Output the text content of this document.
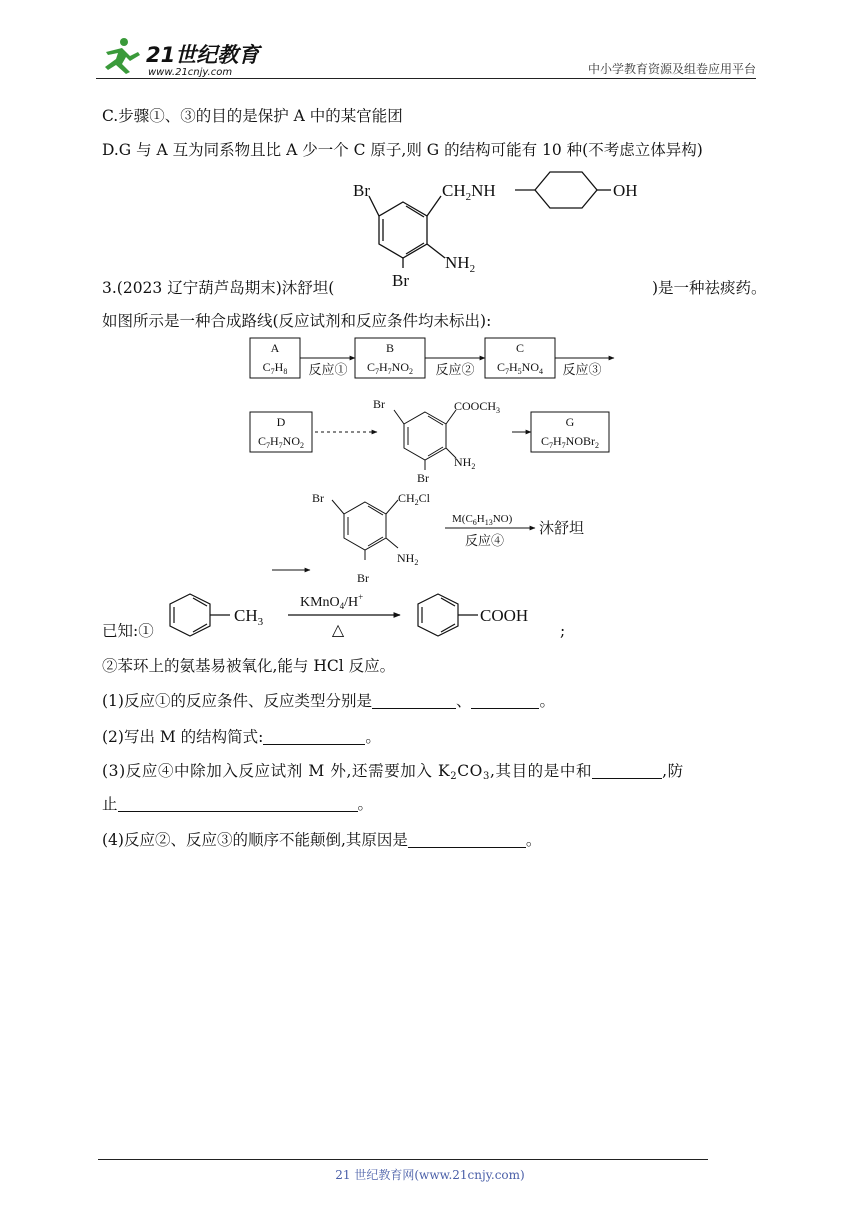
21世纪教育
www.21cnjy.com	中小学教育资源及组卷应用平台
C.步骤①、③的目的是保护 A 中的某官能团
D.G 与 A 互为同系物且比 A 少一个 C 原子,则 G 的结构可能有 10 种(不考虑立体异构)
Br	$CH_2NH$	OH
$NH_2$
Br
3.(2023 辽宁葫芦岛期末)沐舒坦(	)是一种祛痰药。
如图所示是一种合成路线(反应试剂和反应条件均未标出):
A
$C_7H_8$
B
$C_7H_7NO_2$
C
$C_7H_5NO_4$
反应①	反应②	反应③
D
$C_7H_7NO_2$
G
$C_7H_7NOBr_2$
Br	$COOCH_3$
$NH_2$
Br
Br	$CH_2Cl$
$NH_2$
Br
$M(C_6H_{13}NO)$
反应④
沐舒坦
已知:①
$CH_3$
KMnO$_4$/H+
△
COOH
;
②苯环上的氨基易被氧化,能与 HCl 反应。
(1)反应①的反应条件、反应类型分别是	、	。
(2)写出 M 的结构简式:	。
(3)反应④中除加入反应试剂 M 外,还需要加入 $K_2CO_3$,其目的是中和	,防
止	。
(4)反应②、反应③的顺序不能颠倒,其原因是	。
21 世纪教育网(www.21cnjy.com)
